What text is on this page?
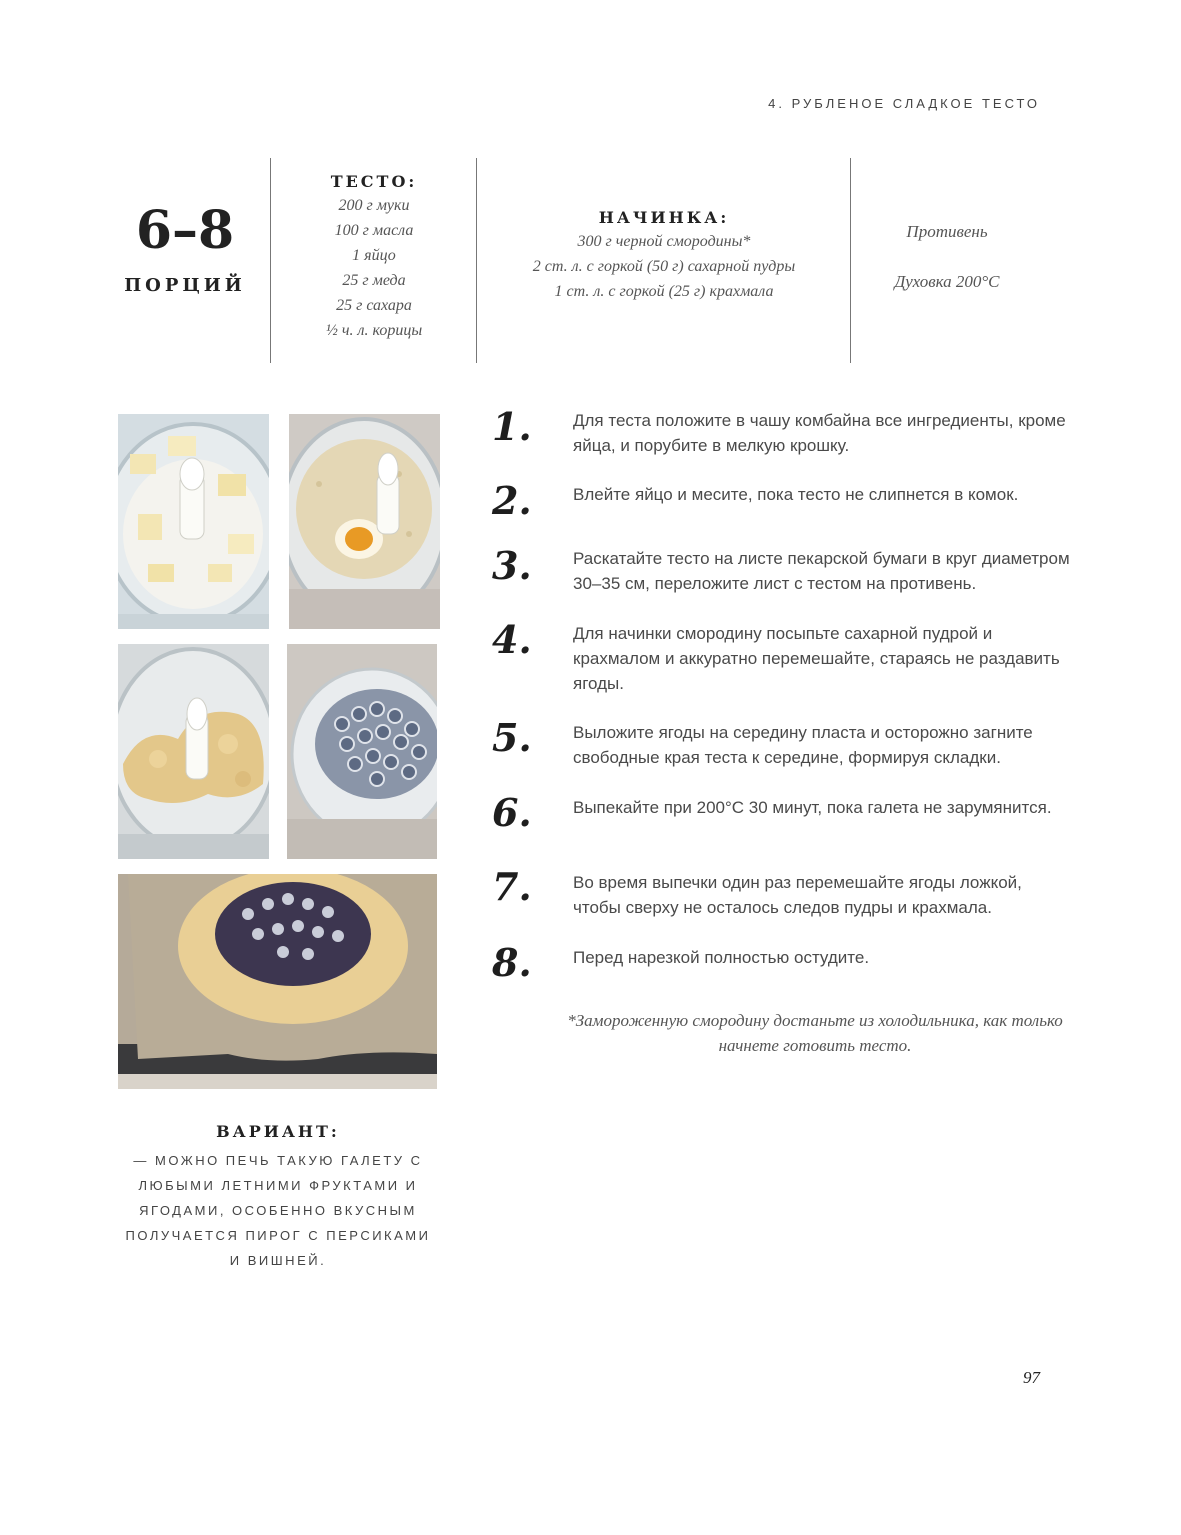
4. РУБЛЕНОЕ СЛАДКОЕ ТЕСТО
6–8
ПОРЦИЙ
ТЕСТО:
200 г муки
100 г масла
1 яйцо
25 г меда
25 г сахара
½ ч. л. корицы
НАЧИНКА:
300 г черной смородины*
2 ст. л. с горкой (50 г) сахарной пудры
1 ст. л. с горкой (25 г) крахмала
Противень
Духовка 200°C
1.	Для теста положите в чашу комбайна все ингредиенты, кроме яйца, и порубите в мелкую крошку.
2.	Влейте яйцо и месите, пока тесто не слипнется в комок.
3.	Раскатайте тесто на листе пекарской бумаги в круг диаметром 30–35 см, переложите лист с тестом на противень.
4.	Для начинки смородину посыпьте сахарной пудрой и крахмалом и аккуратно перемешайте, стараясь не раздавить ягоды.
5.	Выложите ягоды на середину пласта и осторожно загните свободные края теста к середине, формируя складки.
6.	Выпекайте при 200°C 30 минут, пока галета не зарумянится.
7.	Во время выпечки один раз перемешайте ягоды ложкой, чтобы сверху не осталось следов пудры и крахмала.
8.	Перед нарезкой полностью остудите.
*Замороженную смородину достаньте из холодильника, как только начнете готовить тесто.
ВАРИАНТ:
— МОЖНО ПЕЧЬ ТАКУЮ ГАЛЕТУ С ЛЮБЫМИ ЛЕТНИМИ ФРУКТАМИ И ЯГОДАМИ, ОСОБЕННО ВКУСНЫМ ПОЛУЧАЕТСЯ ПИРОГ С ПЕРСИКАМИ И ВИШНЕЙ.
97
